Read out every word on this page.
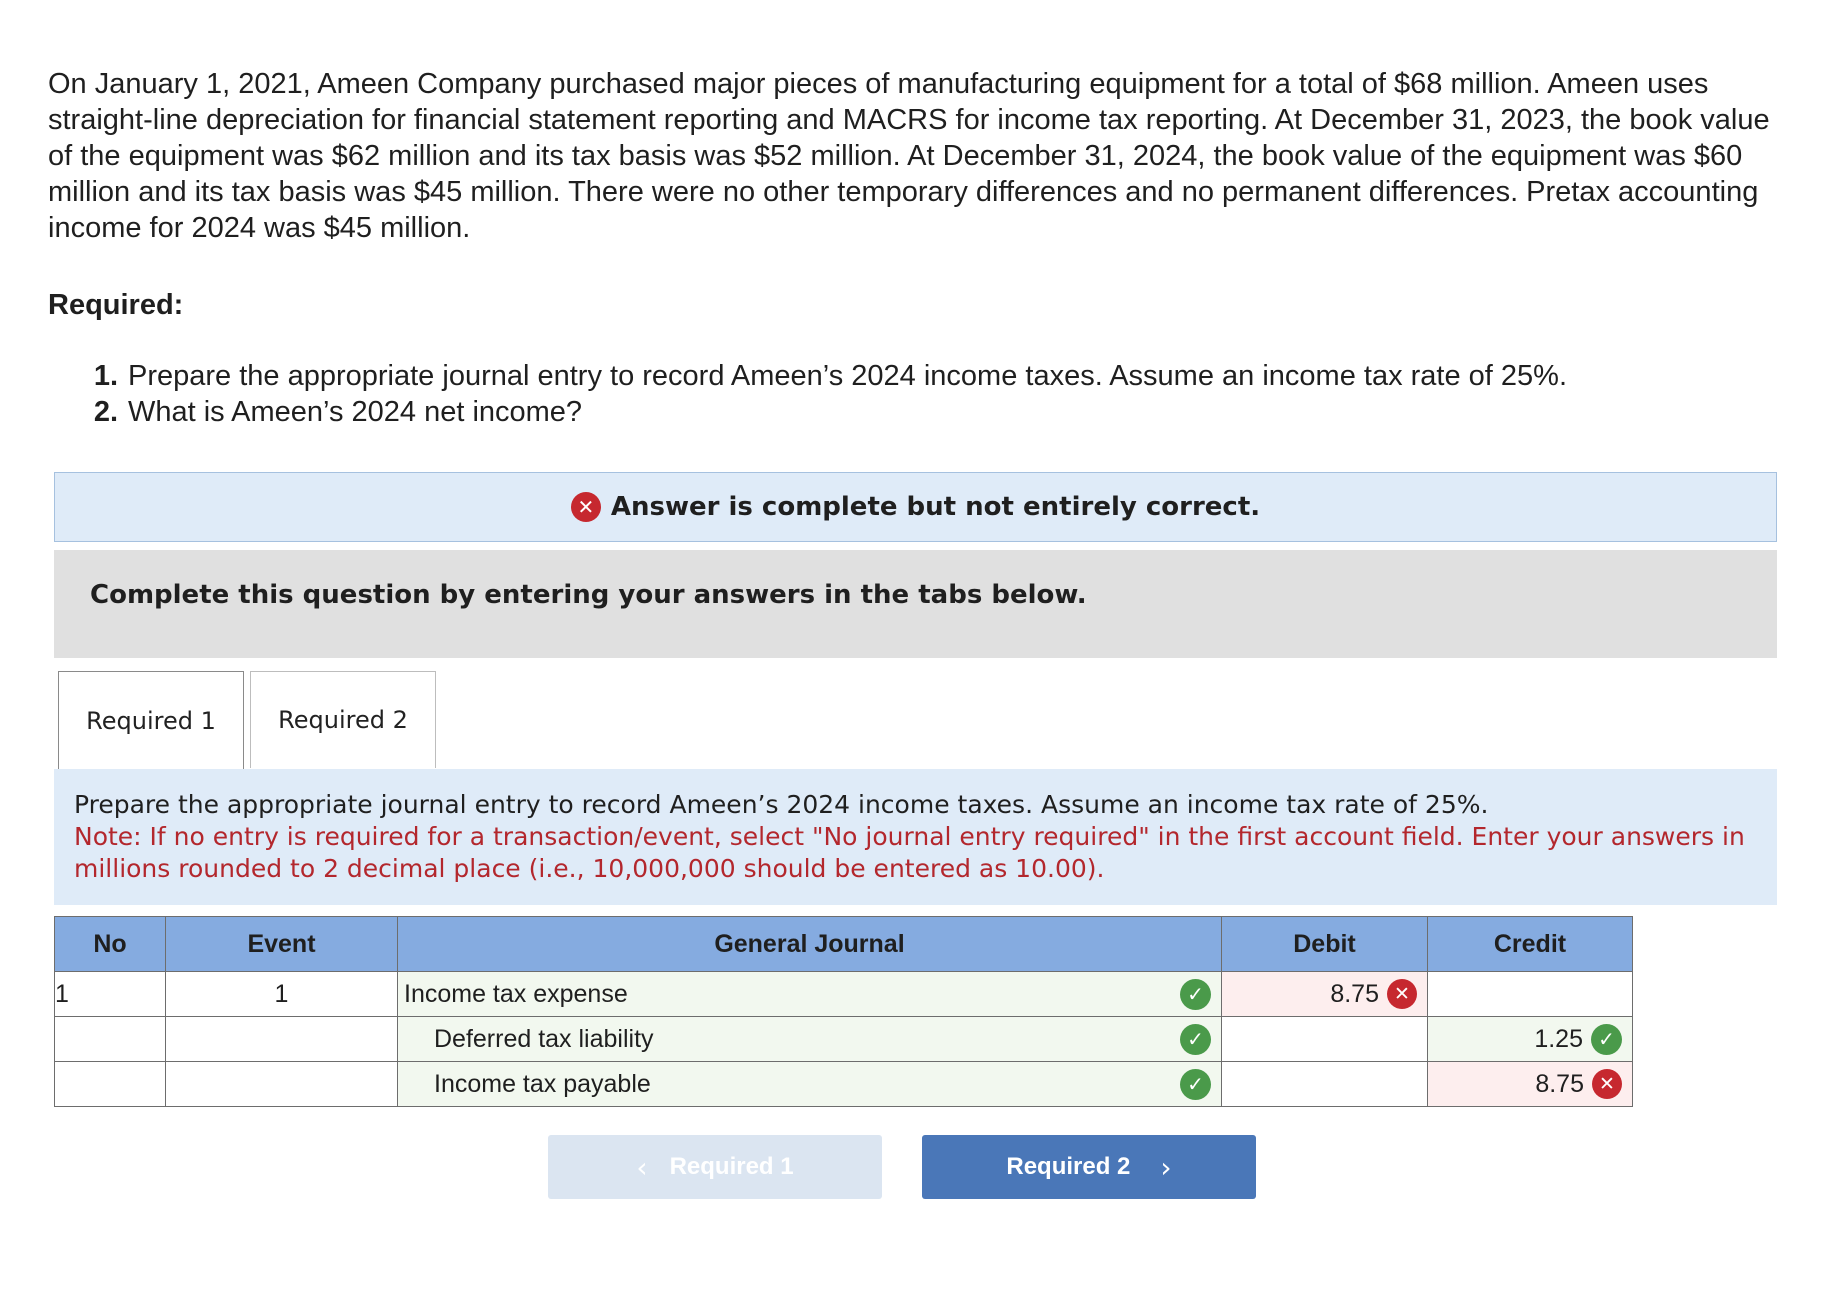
On January 1, 2021, Ameen Company purchased major pieces of manufacturing equipment for a total of $68 million. Ameen uses straight-line depreciation for financial statement reporting and MACRS for income tax reporting. At December 31, 2023, the book value of the equipment was $62 million and its tax basis was $52 million. At December 31, 2024, the book value of the equipment was $60 million and its tax basis was $45 million. There were no other temporary differences and no permanent differences. Pretax accounting income for 2024 was $45 million.

Required:
1. Prepare the appropriate journal entry to record Ameen’s 2024 income taxes. Assume an income tax rate of 25%.
2. What is Ameen’s 2024 net income?
✕ Answer is complete but not entirely correct.
Complete this question by entering your answers in the tabs below.
Required 1	Required 2
Prepare the appropriate journal entry to record Ameen’s 2024 income taxes. Assume an income tax rate of 25%.
Note: If no entry is required for a transaction/event, select "No journal entry required" in the first account field. Enter your answers in millions rounded to 2 decimal place (i.e., 10,000,000 should be entered as 10.00).
No	Event	General Journal	Debit	Credit
1	1	Income tax expense ✓	8.75 ✕	

		Deferred tax liability ✓		1.25 ✓

		Income tax payable ✓		8.75 ✕
‹ Required 1	Required 2 ›
